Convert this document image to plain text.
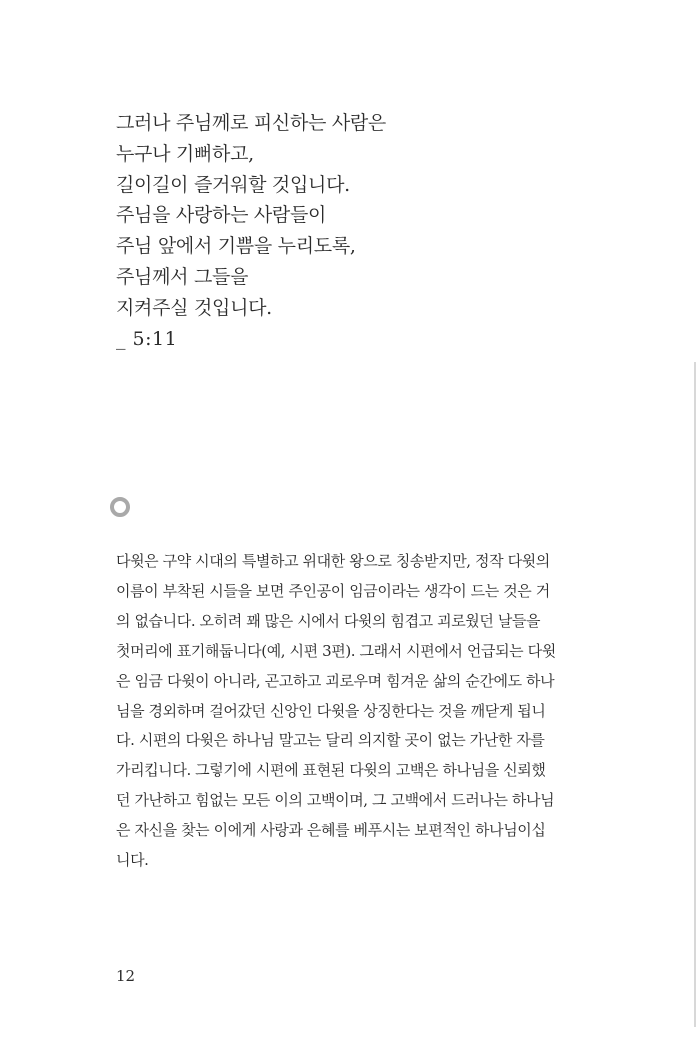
그러나 주님께로 피신하는 사람은
누구나 기뻐하고,
길이길이 즐거워할 것입니다.
주님을 사랑하는 사람들이
주님 앞에서 기쁨을 누리도록,
주님께서 그들을
지켜주실 것입니다.
_ 5:11
다윗은 구약 시대의 특별하고 위대한 왕으로 칭송받지만, 정작 다윗의
이름이 부착된 시들을 보면 주인공이 임금이라는 생각이 드는 것은 거
의 없습니다. 오히려 꽤 많은 시에서 다윗의 힘겹고 괴로웠던 날들을
첫머리에 표기해둡니다(예, 시편 3편). 그래서 시편에서 언급되는 다윗
은 임금 다윗이 아니라, 곤고하고 괴로우며 힘겨운 삶의 순간에도 하나
님을 경외하며 걸어갔던 신앙인 다윗을 상징한다는 것을 깨닫게 됩니
다. 시편의 다윗은 하나님 말고는 달리 의지할 곳이 없는 가난한 자를
가리킵니다. 그렇기에 시편에 표현된 다윗의 고백은 하나님을 신뢰했
던 가난하고 힘없는 모든 이의 고백이며, 그 고백에서 드러나는 하나님
은 자신을 찾는 이에게 사랑과 은혜를 베푸시는 보편적인 하나님이십
니다.
12
